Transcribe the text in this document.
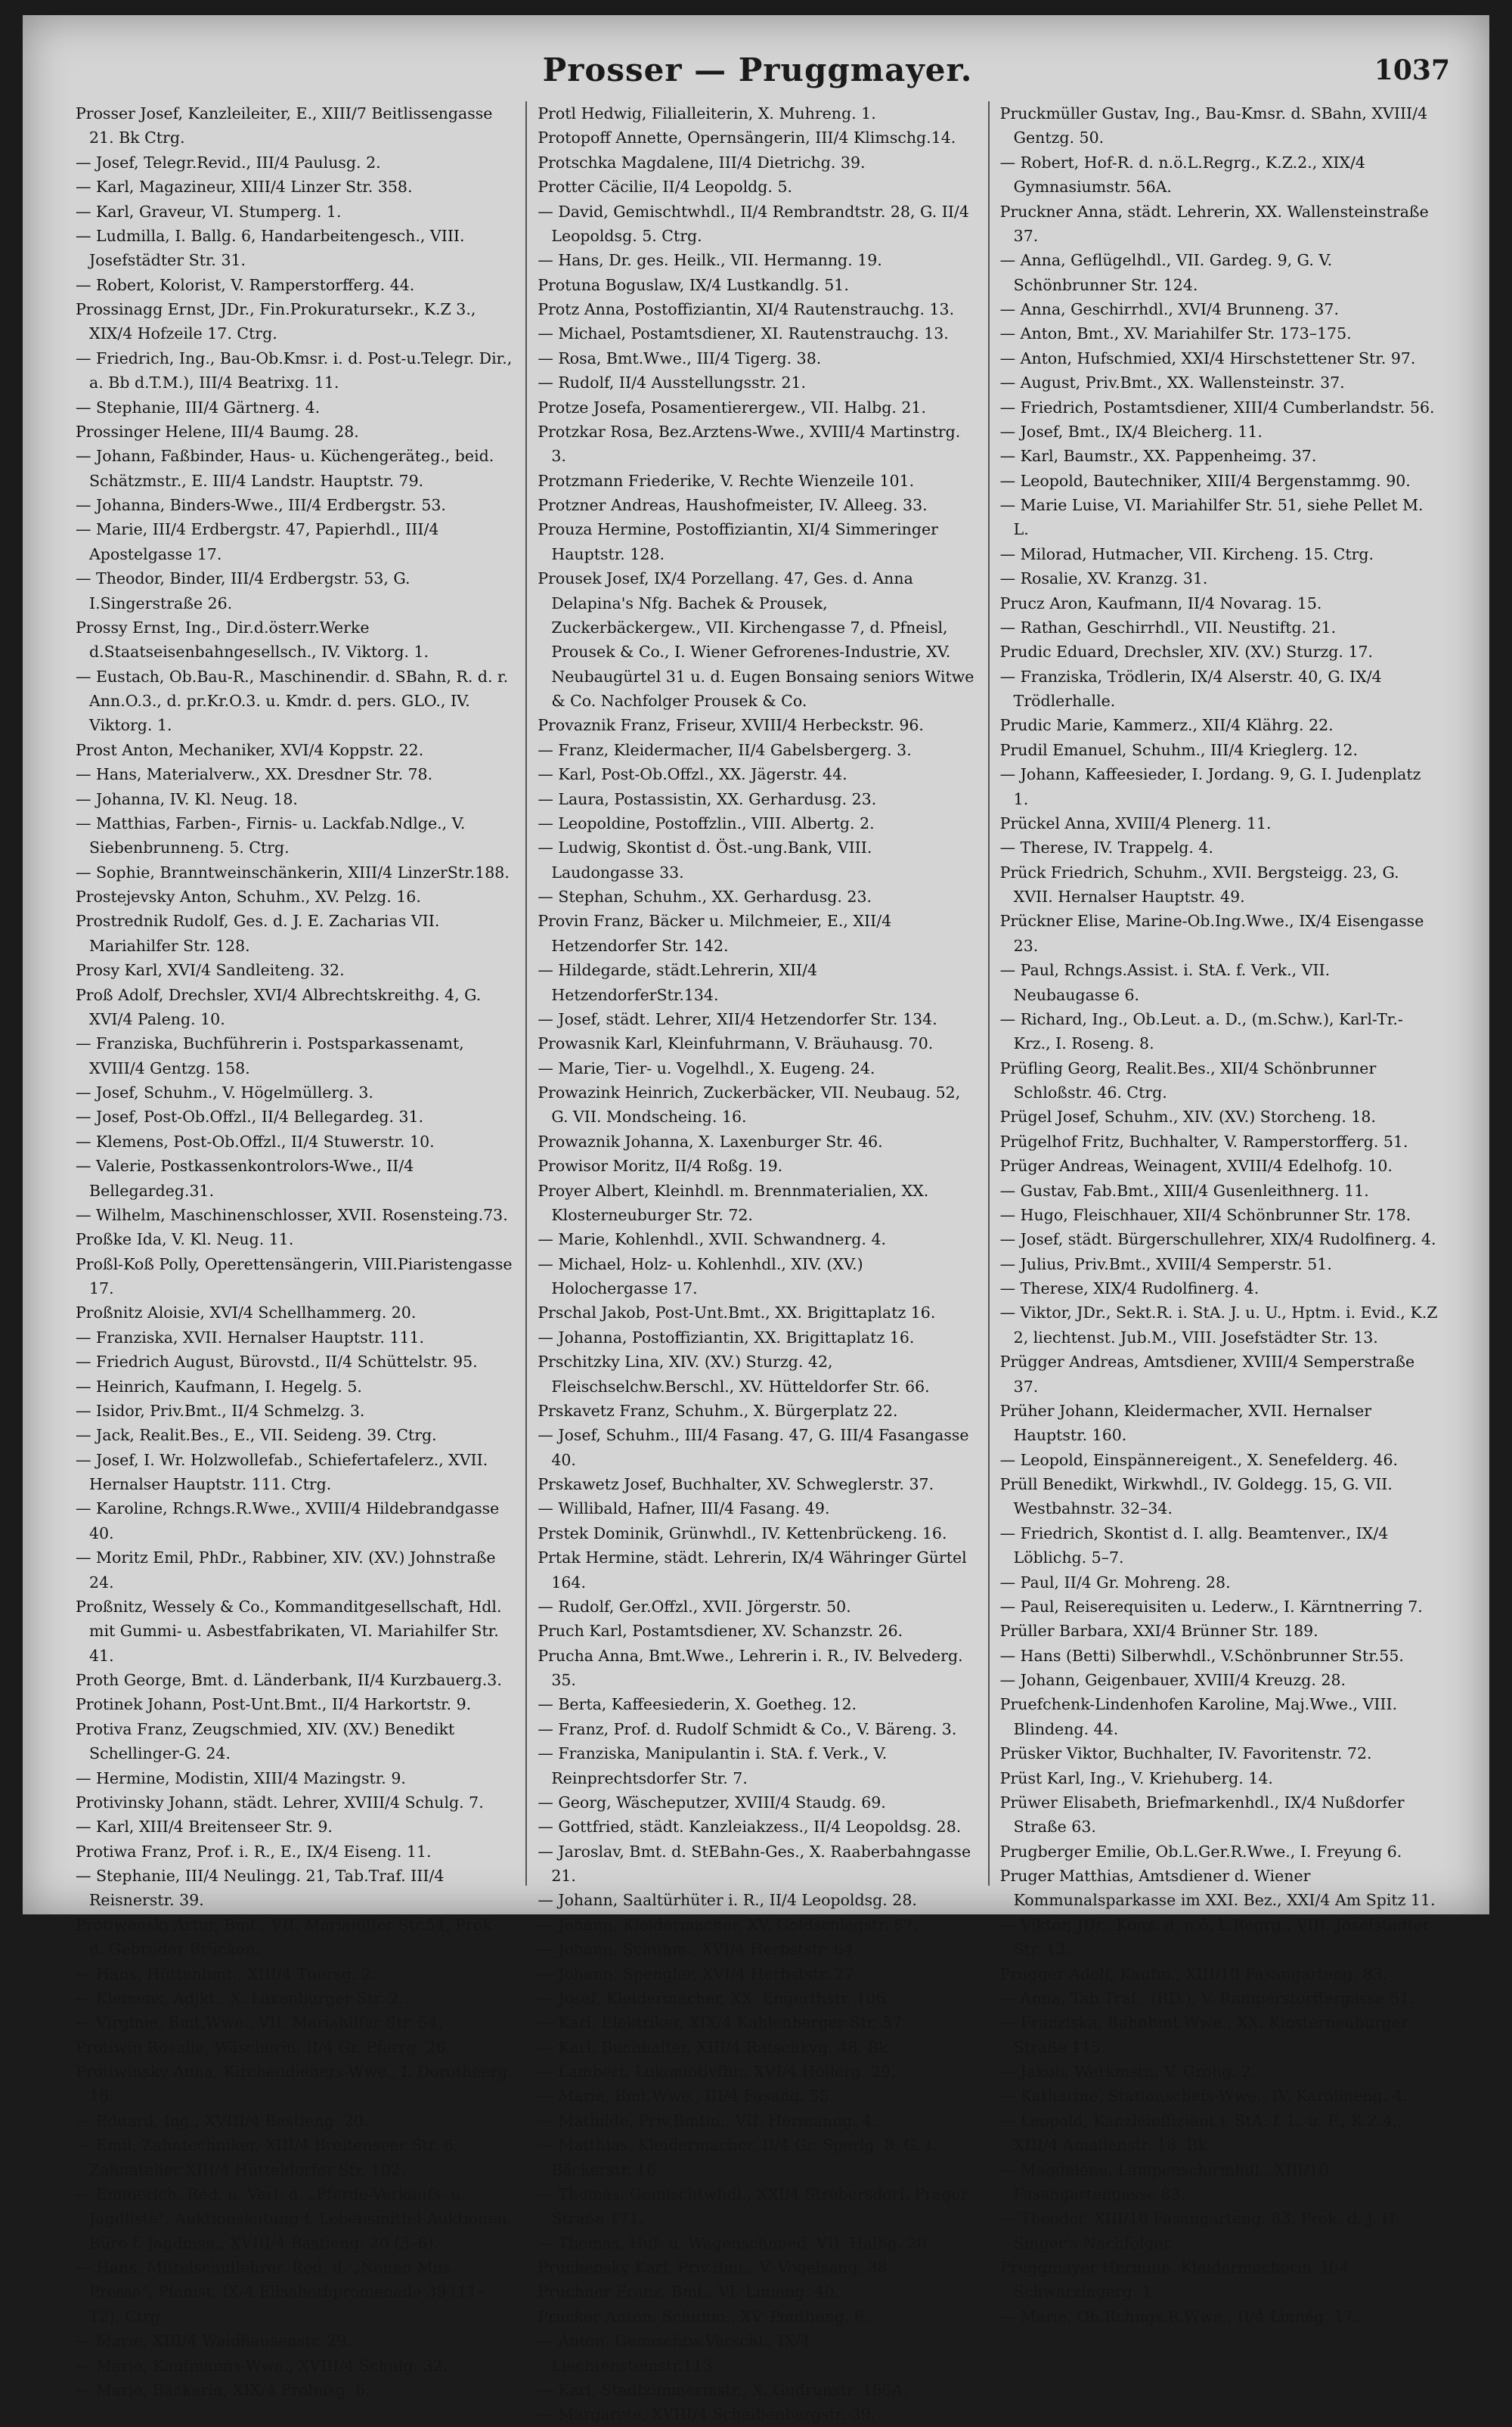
Prosser — Pruggmayer.	1037

Prosser Josef, Kanzleileiter, E., XIII/7 Beitlissengasse 21. Bk Ctrg.

— Josef, Telegr.Revid., III/4 Paulusg. 2.

— Karl, Magazineur, XIII/4 Linzer Str. 358.

— Karl, Graveur, VI. Stumperg. 1.

— Ludmilla, I. Ballg. 6, Handarbeitengesch., VIII. Josefstädter Str. 31.

— Robert, Kolorist, V. Ramperstorfferg. 44.

Prossinagg Ernst, JDr., Fin.Prokuratursekr., K.Z 3., XIX/4 Hofzeile 17. Ctrg.

— Friedrich, Ing., Bau-Ob.Kmsr. i. d. Post-u.Telegr. Dir., a. Bb d.T.M.), III/4 Beatrixg. 11.

— Stephanie, III/4 Gärtnerg. 4.

Prossinger Helene, III/4 Baumg. 28.

— Johann, Faßbinder, Haus- u. Küchengeräteg., beid. Schätzmstr., E. III/4 Landstr. Hauptstr. 79.

— Johanna, Binders-Wwe., III/4 Erdbergstr. 53.

— Marie, III/4 Erdbergstr. 47, Papierhdl., III/4 Apostelgasse 17.

— Theodor, Binder, III/4 Erdbergstr. 53, G. I.Singerstraße 26.

Prossy Ernst, Ing., Dir.d.österr.Werke d.Staatseisenbahngesellsch., IV. Viktorg. 1.

— Eustach, Ob.Bau-R., Maschinendir. d. SBahn, R. d. r. Ann.O.3., d. pr.Kr.O.3. u. Kmdr. d. pers. GLO., IV. Viktorg. 1.

Prost Anton, Mechaniker, XVI/4 Koppstr. 22.

— Hans, Materialverw., XX. Dresdner Str. 78.

— Johanna, IV. Kl. Neug. 18.

— Matthias, Farben-, Firnis- u. Lackfab.Ndlge., V. Siebenbrunneng. 5. Ctrg.

— Sophie, Branntweinschänkerin, XIII/4 LinzerStr.188.

Prostejevsky Anton, Schuhm., XV. Pelzg. 16.

Prostrednik Rudolf, Ges. d. J. E. Zacharias VII. Mariahilfer Str. 128.

Prosy Karl, XVI/4 Sandleiteng. 32.

Proß Adolf, Drechsler, XVI/4 Albrechtskreithg. 4, G. XVI/4 Paleng. 10.

— Franziska, Buchführerin i. Postsparkassenamt, XVIII/4 Gentzg. 158.

— Josef, Schuhm., V. Högelmüllerg. 3.

— Josef, Post-Ob.Offzl., II/4 Bellegardeg. 31.

— Klemens, Post-Ob.Offzl., II/4 Stuwerstr. 10.

— Valerie, Postkassenkontrolors-Wwe., II/4 Bellegardeg.31.

— Wilhelm, Maschinenschlosser, XVII. Rosensteing.73.

Proßke Ida, V. Kl. Neug. 11.

Proßl-Koß Polly, Operettensängerin, VIII.Piaristengasse 17.

Proßnitz Aloisie, XVI/4 Schellhammerg. 20.

— Franziska, XVII. Hernalser Hauptstr. 111.

— Friedrich August, Bürovstd., II/4 Schüttelstr. 95.

— Heinrich, Kaufmann, I. Hegelg. 5.

— Isidor, Priv.Bmt., II/4 Schmelzg. 3.

— Jack, Realit.Bes., E., VII. Seideng. 39. Ctrg.

— Josef, I. Wr. Holzwollefab., Schiefertafelerz., XVII. Hernalser Hauptstr. 111. Ctrg.

— Karoline, Rchngs.R.Wwe., XVIII/4 Hildebrandgasse 40.

— Moritz Emil, PhDr., Rabbiner, XIV. (XV.) Johnstraße 24.

Proßnitz, Wessely & Co., Kommanditgesellschaft, Hdl. mit Gummi- u. Asbestfabrikaten, VI. Mariahilfer Str. 41.

Proth George, Bmt. d. Länderbank, II/4 Kurzbauerg.3.

Protinek Johann, Post-Unt.Bmt., II/4 Harkortstr. 9.

Protiva Franz, Zeugschmied, XIV. (XV.) Benedikt Schellinger-G. 24.

— Hermine, Modistin, XIII/4 Mazingstr. 9.

Protivinsky Johann, städt. Lehrer, XVIII/4 Schulg. 7.

— Karl, XIII/4 Breitenseer Str. 9.

Protiwa Franz, Prof. i. R., E., IX/4 Eiseng. 11.

— Stephanie, III/4 Neulingg. 21, Tab.Traf. III/4 Reisnerstr. 39.

Protiwenski Artur, Bmt., VII. Mariahilfer Str.54, Prok. d. Gebrüder Brücken.

— Hans, Hüttenbmt., XIII/4 Tuersg. 2.

— Klemens, Adjkt., X. Laxenburger Str. 2.

— Virginie, Bmt.Wwe., VII. Mariahilfer Str. 54.

Protiwin Rosalie, Wäscherin, II/4 Gr. Pfarrg. 26.

Protiwinsky Anna, Kirchendieners-Wwe., I. Dorotheerg. 18.

— Eduard, Ing., XVIII/4 Bastieng. 20.

— Emil, Zahntechniker, XIII/4 Breitenseer Str. 6, Zahnatelier XIII/4 Hütteldorfer Str. 102.

— Emmerich, Red. u. Verl. d. „Pferde-Verkaufs- u. Jagdliste", Auktionsleitung f. Lebensmittel-Auktionen, Büro f. Jagdmsn., XVIII/4 Bastieng. 20 (3–6).

— Hans, Mittelschullehrer, Red. d. „Neuen Mus. Presse", Pianist, IX/4 Elisabethpromenade 39 (11–12). Ctrg.

— Marie, XIII/4 Waidhausenstr. 29.

— Marie, Kaufmanns-Wwe., XVIII/4 Schulg. 32.

— Marie, Bäckerin, XIX/4 Probusg. 6.

Protl Hedwig, Filialleiterin, X. Muhreng. 1.

Protopoff Annette, Opernsängerin, III/4 Klimschg.14.

Protschka Magdalene, III/4 Dietrichg. 39.

Protter Cäcilie, II/4 Leopoldg. 5.

— David, Gemischtwhdl., II/4 Rembrandtstr. 28, G. II/4 Leopoldsg. 5. Ctrg.

— Hans, Dr. ges. Heilk., VII. Hermanng. 19.

Protuna Boguslaw, IX/4 Lustkandlg. 51.

Protz Anna, Postoffiziantin, XI/4 Rautenstrauchg. 13.

— Michael, Postamtsdiener, XI. Rautenstrauchg. 13.

— Rosa, Bmt.Wwe., III/4 Tigerg. 38.

— Rudolf, II/4 Ausstellungsstr. 21.

Protze Josefa, Posamentierergew., VII. Halbg. 21.

Protzkar Rosa, Bez.Arztens-Wwe., XVIII/4 Martinstrg. 3.

Protzmann Friederike, V. Rechte Wienzeile 101.

Protzner Andreas, Haushofmeister, IV. Alleeg. 33.

Prouza Hermine, Postoffiziantin, XI/4 Simmeringer Hauptstr. 128.

Prousek Josef, IX/4 Porzellang. 47, Ges. d. Anna Delapina's Nfg. Bachek & Prousek, Zuckerbäckergew., VII. Kirchengasse 7, d. Pfneisl, Prousek & Co., I. Wiener Gefrorenes-Industrie, XV. Neubaugürtel 31 u. d. Eugen Bonsaing seniors Witwe & Co. Nachfolger Prousek & Co.

Provaznik Franz, Friseur, XVIII/4 Herbeckstr. 96.

— Franz, Kleidermacher, II/4 Gabelsbergerg. 3.

— Karl, Post-Ob.Offzl., XX. Jägerstr. 44.

— Laura, Postassistin, XX. Gerhardusg. 23.

— Leopoldine, Postoffzlin., VIII. Albertg. 2.

— Ludwig, Skontist d. Öst.-ung.Bank, VIII. Laudongasse 33.

— Stephan, Schuhm., XX. Gerhardusg. 23.

Provin Franz, Bäcker u. Milchmeier, E., XII/4 Hetzendorfer Str. 142.

— Hildegarde, städt.Lehrerin, XII/4 HetzendorferStr.134.

— Josef, städt. Lehrer, XII/4 Hetzendorfer Str. 134.

Prowasnik Karl, Kleinfuhrmann, V. Bräuhausg. 70.

— Marie, Tier- u. Vogelhdl., X. Eugeng. 24.

Prowazink Heinrich, Zuckerbäcker, VII. Neubaug. 52, G. VII. Mondscheing. 16.

Prowaznik Johanna, X. Laxenburger Str. 46.

Prowisor Moritz, II/4 Roßg. 19.

Proyer Albert, Kleinhdl. m. Brennmaterialien, XX. Klosterneuburger Str. 72.

— Marie, Kohlenhdl., XVII. Schwandnerg. 4.

— Michael, Holz- u. Kohlenhdl., XIV. (XV.) Holochergasse 17.

Prschal Jakob, Post-Unt.Bmt., XX. Brigittaplatz 16.

— Johanna, Postoffiziantin, XX. Brigittaplatz 16.

Prschitzky Lina, XIV. (XV.) Sturzg. 42, Fleischselchw.Berschl., XV. Hütteldorfer Str. 66.

Prskavetz Franz, Schuhm., X. Bürgerplatz 22.

— Josef, Schuhm., III/4 Fasang. 47, G. III/4 Fasangasse 40.

Prskawetz Josef, Buchhalter, XV. Schweglerstr. 37.

— Willibald, Hafner, III/4 Fasang. 49.

Prstek Dominik, Grünwhdl., IV. Kettenbrückeng. 16.

Prtak Hermine, städt. Lehrerin, IX/4 Währinger Gürtel 164.

— Rudolf, Ger.Offzl., XVII. Jörgerstr. 50.

Pruch Karl, Postamtsdiener, XV. Schanzstr. 26.

Prucha Anna, Bmt.Wwe., Lehrerin i. R., IV. Belvederg. 35.

— Berta, Kaffeesiederin, X. Goetheg. 12.

— Franz, Prof. d. Rudolf Schmidt & Co., V. Bäreng. 3.

— Franziska, Manipulantin i. StA. f. Verk., V. Reinprechtsdorfer Str. 7.

— Georg, Wäscheputzer, XVIII/4 Staudg. 69.

— Gottfried, städt. Kanzleiakzess., II/4 Leopoldsg. 28.

— Jaroslav, Bmt. d. StEBahn-Ges., X. Raaberbahngasse 21.

— Johann, Saaltürhüter i. R., II/4 Leopoldsg. 28.

— Johann, Kleidermacher, XV. Goldschlagstr. 67.

— Johann, Schuhm., XVI/4 Herbststr. 64.

— Johann, Spengler, XVI/4 Herbststr. 27.

— Josef, Kleidermacher, XX. Engerthstr. 106.

— Karl, Elektriker, XIX/4 Kahlenberger Str. 57.

— Karl, Buchhalter, XIII/4 Ratschkyg. 48. Bk

— Lambert, Lokomotivfhr., XVI/4 Hollerg. 29.

— Marie, Bmt.Wwe., III/4 Fasang. 55.

— Mathilde, Priv.Bmtin., VII. Hermanng. 4.

— Matthias, Kleidermacher, II/4 Gr. Sperlg. 8, G. I. Bäckerstr. 16.

— Thomas, Gemischtwhdl., XXI/4 Strebersdorf, Prager Straße 171.

— Thomas, Huf- u. Wagenschmied, VII. Halbg. 20.

Pruchensky Karl, Priv.Bmt., V. Vogelsang. 38.

Pruchner Franz, Bmt., VI. Linieng. 40.

Prucker Anton, Schuhm., XV. Pouthong. 6.

— Anton, Gemischtw.Verschl., IX/4 Liechtensteinstr.113.

— Karl, Stadtzimmermstr., X. Gudrunstr. 166A.

— Margarete, XVIII/4 Scheibenbergstr. 39.

Pruckmüller Gustav, Ing., Bau-Kmsr. d. SBahn, XVIII/4 Gentzg. 50.

— Robert, Hof-R. d. n.ö.L.Regrg., K.Z.2., XIX/4 Gymnasiumstr. 56A.

Pruckner Anna, städt. Lehrerin, XX. Wallensteinstraße 37.

— Anna, Geflügelhdl., VII. Gardeg. 9, G. V. Schönbrunner Str. 124.

— Anna, Geschirrhdl., XVI/4 Brunneng. 37.

— Anton, Bmt., XV. Mariahilfer Str. 173–175.

— Anton, Hufschmied, XXI/4 Hirschstettener Str. 97.

— August, Priv.Bmt., XX. Wallensteinstr. 37.

— Friedrich, Postamtsdiener, XIII/4 Cumberlandstr. 56.

— Josef, Bmt., IX/4 Bleicherg. 11.

— Karl, Baumstr., XX. Pappenheimg. 37.

— Leopold, Bautechniker, XIII/4 Bergenstammg. 90.

— Marie Luise, VI. Mariahilfer Str. 51, siehe Pellet M. L.

— Milorad, Hutmacher, VII. Kircheng. 15. Ctrg.

— Rosalie, XV. Kranzg. 31.

Prucz Aron, Kaufmann, II/4 Novarag. 15.

— Rathan, Geschirrhdl., VII. Neustiftg. 21.

Prudic Eduard, Drechsler, XIV. (XV.) Sturzg. 17.

— Franziska, Trödlerin, IX/4 Alserstr. 40, G. IX/4 Trödlerhalle.

Prudic Marie, Kammerz., XII/4 Klährg. 22.

Prudil Emanuel, Schuhm., III/4 Krieglerg. 12.

— Johann, Kaffeesieder, I. Jordang. 9, G. I. Judenplatz 1.

Prückel Anna, XVIII/4 Plenerg. 11.

— Therese, IV. Trappelg. 4.

Prück Friedrich, Schuhm., XVII. Bergsteigg. 23, G. XVII. Hernalser Hauptstr. 49.

Prückner Elise, Marine-Ob.Ing.Wwe., IX/4 Eisengasse 23.

— Paul, Rchngs.Assist. i. StA. f. Verk., VII. Neubaugasse 6.

— Richard, Ing., Ob.Leut. a. D., (m.Schw.), Karl-Tr.-Krz., I. Roseng. 8.

Prüfling Georg, Realit.Bes., XII/4 Schönbrunner Schloßstr. 46. Ctrg.

Prügel Josef, Schuhm., XIV. (XV.) Storcheng. 18.

Prügelhof Fritz, Buchhalter, V. Ramperstorfferg. 51.

Prüger Andreas, Weinagent, XVIII/4 Edelhofg. 10.

— Gustav, Fab.Bmt., XIII/4 Gusenleithnerg. 11.

— Hugo, Fleischhauer, XII/4 Schönbrunner Str. 178.

— Josef, städt. Bürgerschullehrer, XIX/4 Rudolfinerg. 4.

— Julius, Priv.Bmt., XVIII/4 Semperstr. 51.

— Therese, XIX/4 Rudolfinerg. 4.

— Viktor, JDr., Sekt.R. i. StA. J. u. U., Hptm. i. Evid., K.Z 2, liechtenst. Jub.M., VIII. Josefstädter Str. 13.

Prügger Andreas, Amtsdiener, XVIII/4 Semperstraße 37.

Prüher Johann, Kleidermacher, XVII. Hernalser Hauptstr. 160.

— Leopold, Einspännereigent., X. Senefelderg. 46.

Prüll Benedikt, Wirkwhdl., IV. Goldegg. 15, G. VII. Westbahnstr. 32–34.

— Friedrich, Skontist d. I. allg. Beamtenver., IX/4 Löblichg. 5–7.

— Paul, II/4 Gr. Mohreng. 28.

— Paul, Reiserequisiten u. Lederw., I. Kärntnerring 7.

Prüller Barbara, XXI/4 Brünner Str. 189.

— Hans (Betti) Silberwhdl., V.Schönbrunner Str.55.

— Johann, Geigenbauer, XVIII/4 Kreuzg. 28.

Pruefchenk-Lindenhofen Karoline, Maj.Wwe., VIII. Blindeng. 44.

Prüsker Viktor, Buchhalter, IV. Favoritenstr. 72.

Prüst Karl, Ing., V. Kriehuberg. 14.

Prüwer Elisabeth, Briefmarkenhdl., IX/4 Nußdorfer Straße 63.

Prugberger Emilie, Ob.L.Ger.R.Wwe., I. Freyung 6.

Pruger Matthias, Amtsdiener d. Wiener Kommunalsparkasse im XXI. Bez., XXI/4 Am Spitz 11.

— Viktor, JDr., Konz. d. n.ö. L.Regrg., VIII. Josefstädter Str. 13.

Prugger Adolf, Kaufm., XIII/10 Fasangarteng. 83.

— Anna, Tab.Traf., (RD.), V. Ramperstorffergasse 51.

— Franziska, Bahnbmt.Wwe., XX. Klosterneuburger Straße 115.

— Jakob, Werkmstr., V. Grohg. 2.

— Katharine, Stationschefs-Wwe., IV. Karolineng. 4.

— Leopold, Kanzleioffiziant i. StA. f. L. u. F., K.Z.4., XIII/4 Amalienstr. 18. Bk

— Magdalene, Lampenschirmhdl., XIII/10 Fasangartengasse 83.

— Theodor, XIII/10 Fasangarteng. 83, Prok. d. J. H. Singer's Nachfolger.

Pruggmayer Hermine, Kleidermacherin, II/4 Schwarzingerg. 1.

— Marie, Ob.Rchngs.R.Wwe., II/4 Linnég. 17.
